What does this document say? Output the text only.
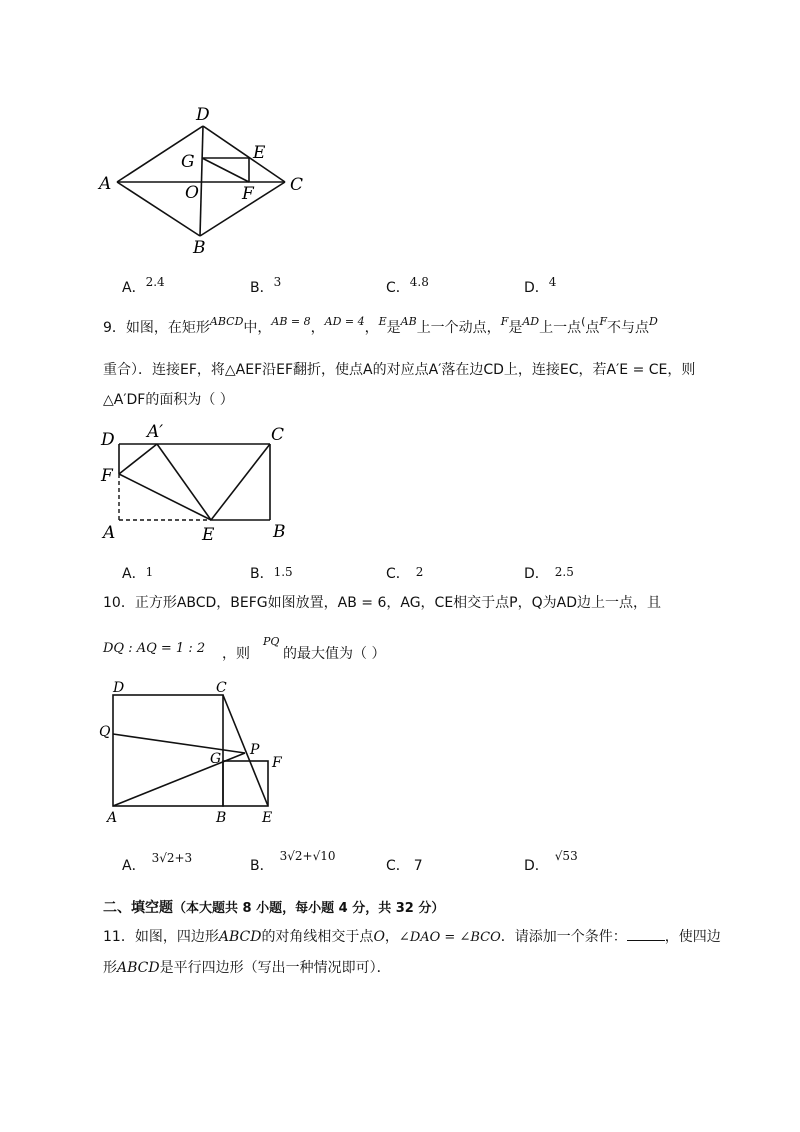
D
G	E
A	O	F C
B
A．2.4	B．3	C．4.8	D．4
9．如图，在矩形$^{ABCD}$中，$^{AB = 8}$，$^{AD = 4}$，$^E$是$^{AB}$上一个动点，$^F$是$^{AD}$上一点(点$^F$不与点$^D$
重合）．连接EF，将△AEF沿EF翻折，使点A的对应点A′落在边CD上，连接EC，若A′E = CE，则
△A′DF的面积为（ ）
D A′	C
F
A	E	B
A．1	B．1.5	C． 2	D． 2.5
10．正方形ABCD，BEFG如图放置，AB = 6，AG，CE相交于点P，Q为AD边上一点，且
DQ : AQ = 1 : 2 ，则
PQ
的最大值为（ ）
D	C
Q
P
G	F
A	B	E
A． 3√2+3	B．3√2+√10
C． 7	D．√53
二、填空题（本大题共 8 小题，每小题 4 分，共 32 分）
11．如图，四边形ABCD的对角线相交于点O，∠DAO = ∠BCO．请添加一个条件：	，使四边
形ABCD是平行四边形（写出一种情况即可）．
